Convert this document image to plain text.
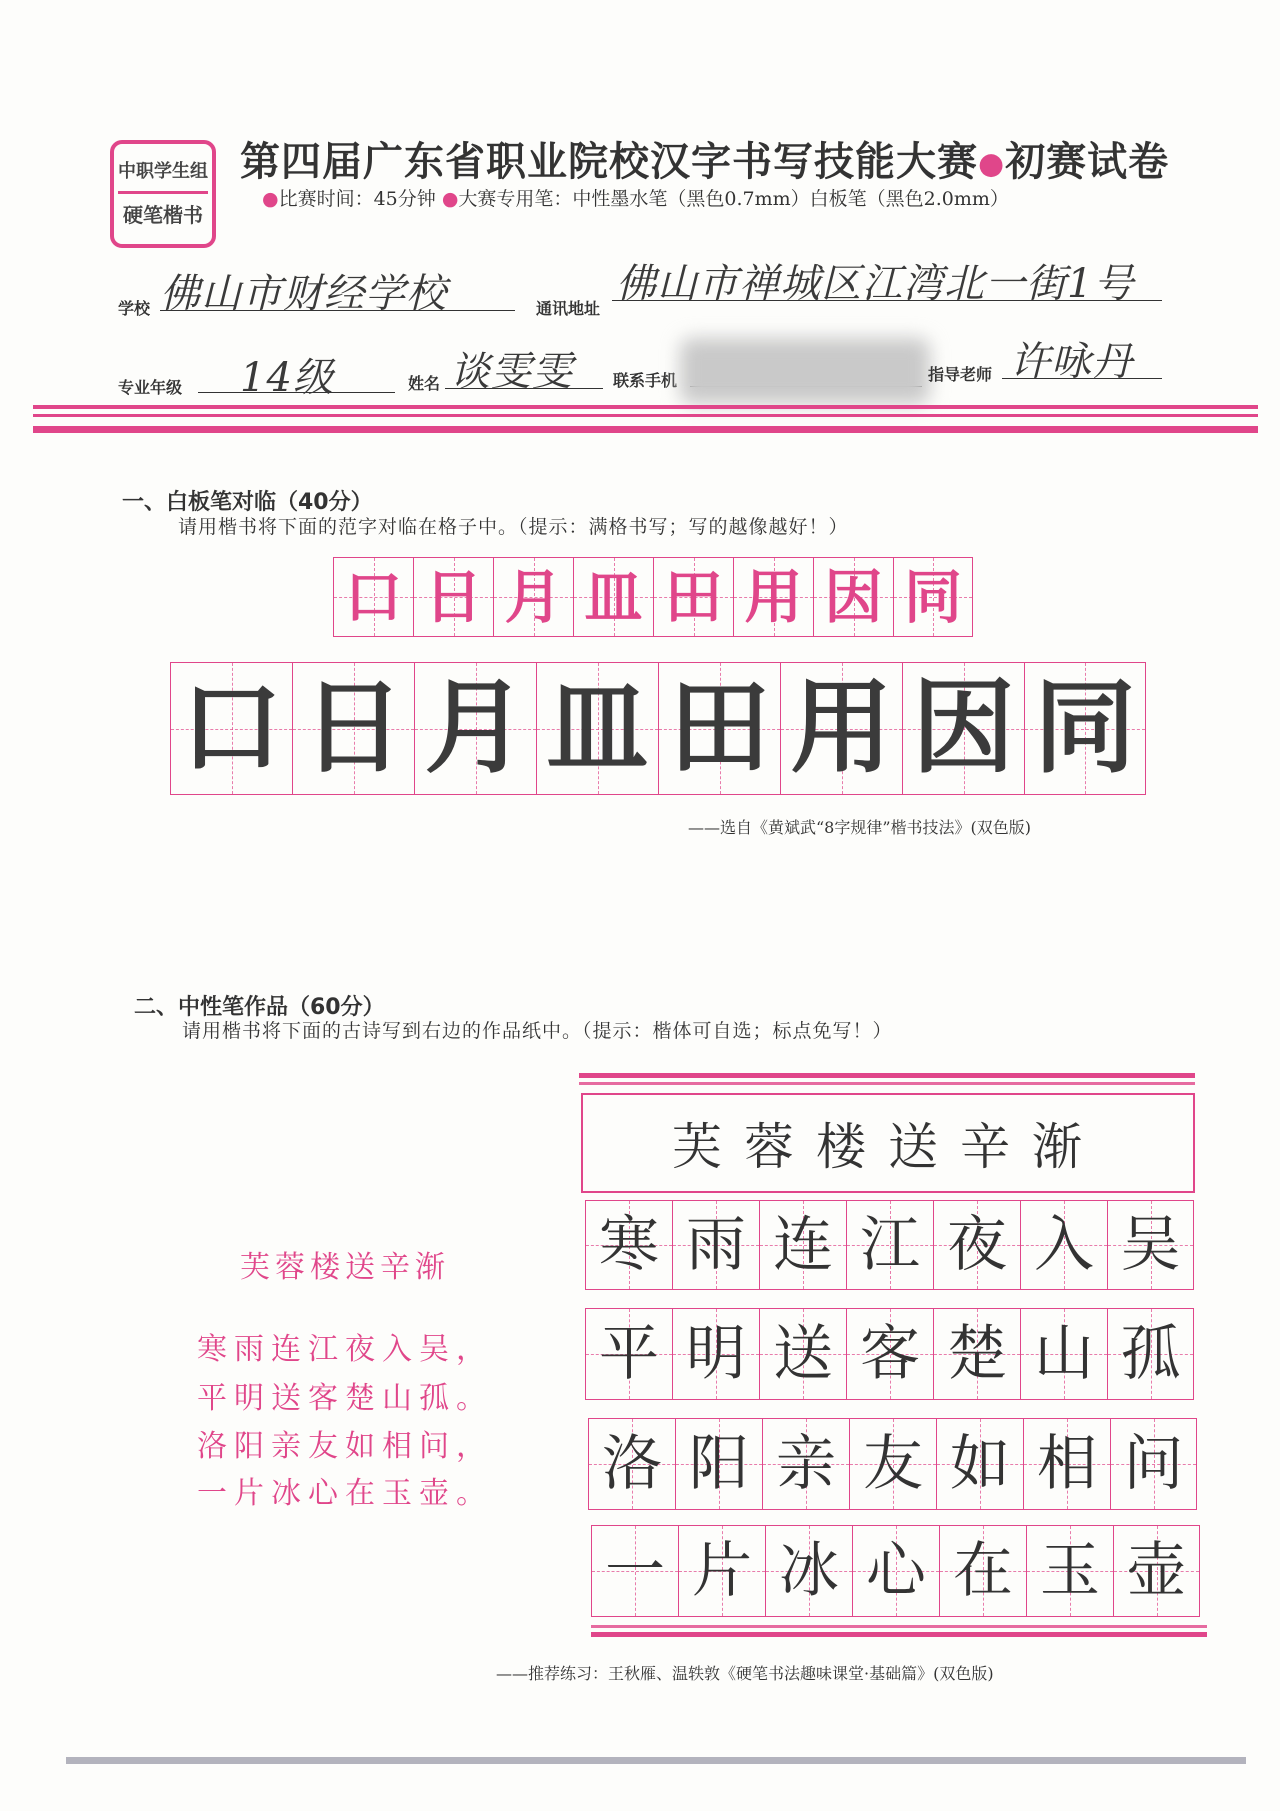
中职学生组
硬笔楷书
第四届广东省职业院校汉字书写技能大赛●初赛试卷
●比赛时间：45分钟 ●大赛专用笔：中性墨水笔（黑色0.7mm）白板笔（黑色2.0mm）
学校 佛山市财经学校	通讯地址
佛山市禅城区江湾北一街1号
专业年级 14级	姓名 谈雯雯	联系手机	指导老师 许咏丹
一、白板笔对临（40分）
请用楷书将下面的范字对临在格子中。（提示：满格书写；写的越像越好！）
口 日 月 皿 田 用 因 同
口 日 月 皿 田 用 因 同
——选自《黄斌武“8字规律”楷书技法》(双色版)
二、中性笔作品（60分）
请用楷书将下面的古诗写到右边的作品纸中。（提示：楷体可自选；标点免写！）
芙蓉楼送辛渐
芙蓉楼送辛渐
寒雨连江夜入吴，
平明送客楚山孤。
洛阳亲友如相问，
一片冰心在玉壶。
寒 雨 连 江 夜 入 吴
平 明 送 客 楚 山 孤
洛 阳 亲 友 如 相 问
一 片 冰 心 在 玉 壶
——推荐练习：王秋雁、温轶敦《硬笔书法趣味课堂·基础篇》(双色版)
